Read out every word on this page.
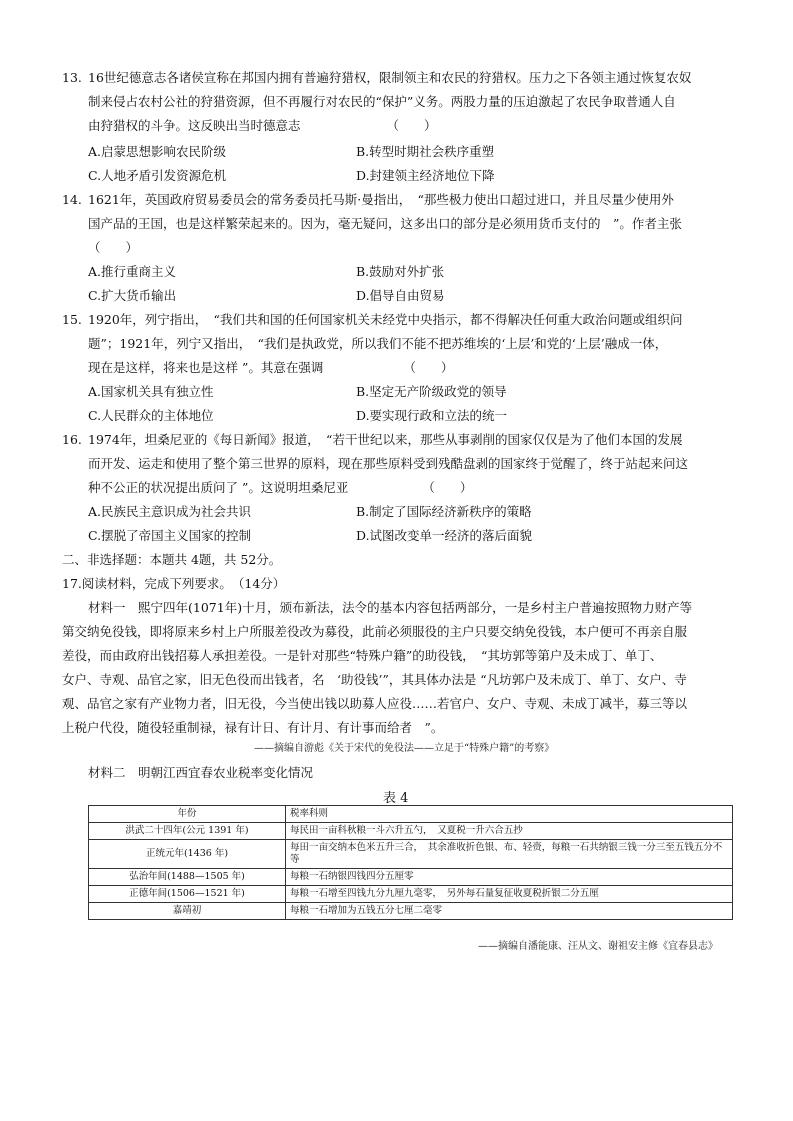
13. 16世纪德意志各诸侯宣称在邦国内拥有普遍狩猎权，限制领主和农民的狩猎权。压力之下各领主通过恢复农奴
制来侵占农村公社的狩猎资源，但不再履行对农民的“保护”义务。两股力量的压迫激起了农民争取普通人自
由狩猎权的斗争。这反映出当时德意志	（　　）
A.启蒙思想影响农民阶级	B.转型时期社会秩序重塑
C.人地矛盾引发资源危机	D.封建领主经济地位下降
14. 1621年，英国政府贸易委员会的常务委员托马斯·曼指出，　“那些极力使出口超过进口，并且尽量少使用外
国产品的王国，也是这样繁荣起来的。因为，毫无疑问，这多出口的部分是必须用货币支付的　”。作者主张
（　　）
A.推行重商主义	B.鼓励对外扩张
C.扩大货币输出	D.倡导自由贸易
15. 1920年，列宁指出，　“我们共和国的任何国家机关未经党中央指示，都不得解决任何重大政治问题或组织问
题”；1921年，列宁又指出，　“我们是执政党，所以我们不能不把苏维埃的‘上层’和党的‘上层’融成一体，
现在是这样，将来也是这样 ”。其意在强调	（　　）
A.国家机关具有独立性	B.坚定无产阶级政党的领导
C.人民群众的主体地位	D.要实现行政和立法的统一
16. 1974年，坦桑尼亚的《每日新闻》报道，　“若干世纪以来，那些从事剥削的国家仅仅是为了他们本国的发展
而开发、运走和使用了整个第三世界的原料，现在那些原料受到残酷盘剥的国家终于觉醒了，终于站起来问这
种不公正的状况提出质问了 ”。这说明坦桑尼亚	（　　）
A.民族民主意识成为社会共识	B.制定了国际经济新秩序的策略
C.摆脱了帝国主义国家的控制	D.试图改变单一经济的落后面貌
二、非选择题：本题共 4题，共 52分。
17.阅读材料，完成下列要求。　（14分）
材料一　熙宁四年(1071年)十月，颁布新法，法令的基本内容包括两部分，一是乡村主户普遍按照物力财产等
第交纳免役钱，即将原来乡村上户所服差役改为募役，此前必须服役的主户只要交纳免役钱，本户便可不再亲自服
差役，而由政府出钱招募人承担差役。一是针对那些“特殊户籍”的助役钱，　“其坊郭等第户及未成丁、单丁、
女户、寺观、品官之家，旧无色役而出钱者，名　‘助役钱’”，其具体办法是 “凡坊郭户及未成丁、单丁、女户、寺
观、品官之家有产业物力者，旧无役，今当使出钱以助募人应役……若官户、女户、寺观、未成丁减半，募三等以
上税户代役，随役轻重制禄，禄有计日、有计月、有计事而给者　”。
——摘编自游彪《关于宋代的免役法——立足于“特殊户籍”的考察》
材料二　明朝江西宜春农业税率变化情况
表 4
年份	税率科则
洪武二十四年(公元 1391 年)	每民田一亩科秋粮一斗六升五勺，　又夏税一升六合五抄
正统元年(1436 年)	每田一亩交纳本色米五升三合，　其余准收折色银、布、轻赍，每粮一石共纳银三钱一分三至五钱五分不等
弘治年间(1488—1505 年)	每粮一石纳银四钱四分五厘零
正德年间(1506—1521 年)	每粮一石增至四钱九分九厘九毫零，　另外每石量复征收夏税折银二分五厘
嘉靖初	每粮一石增加为五钱五分七厘二毫零
——摘编自潘能康、汪从文、谢祖安主修《宜春县志》
